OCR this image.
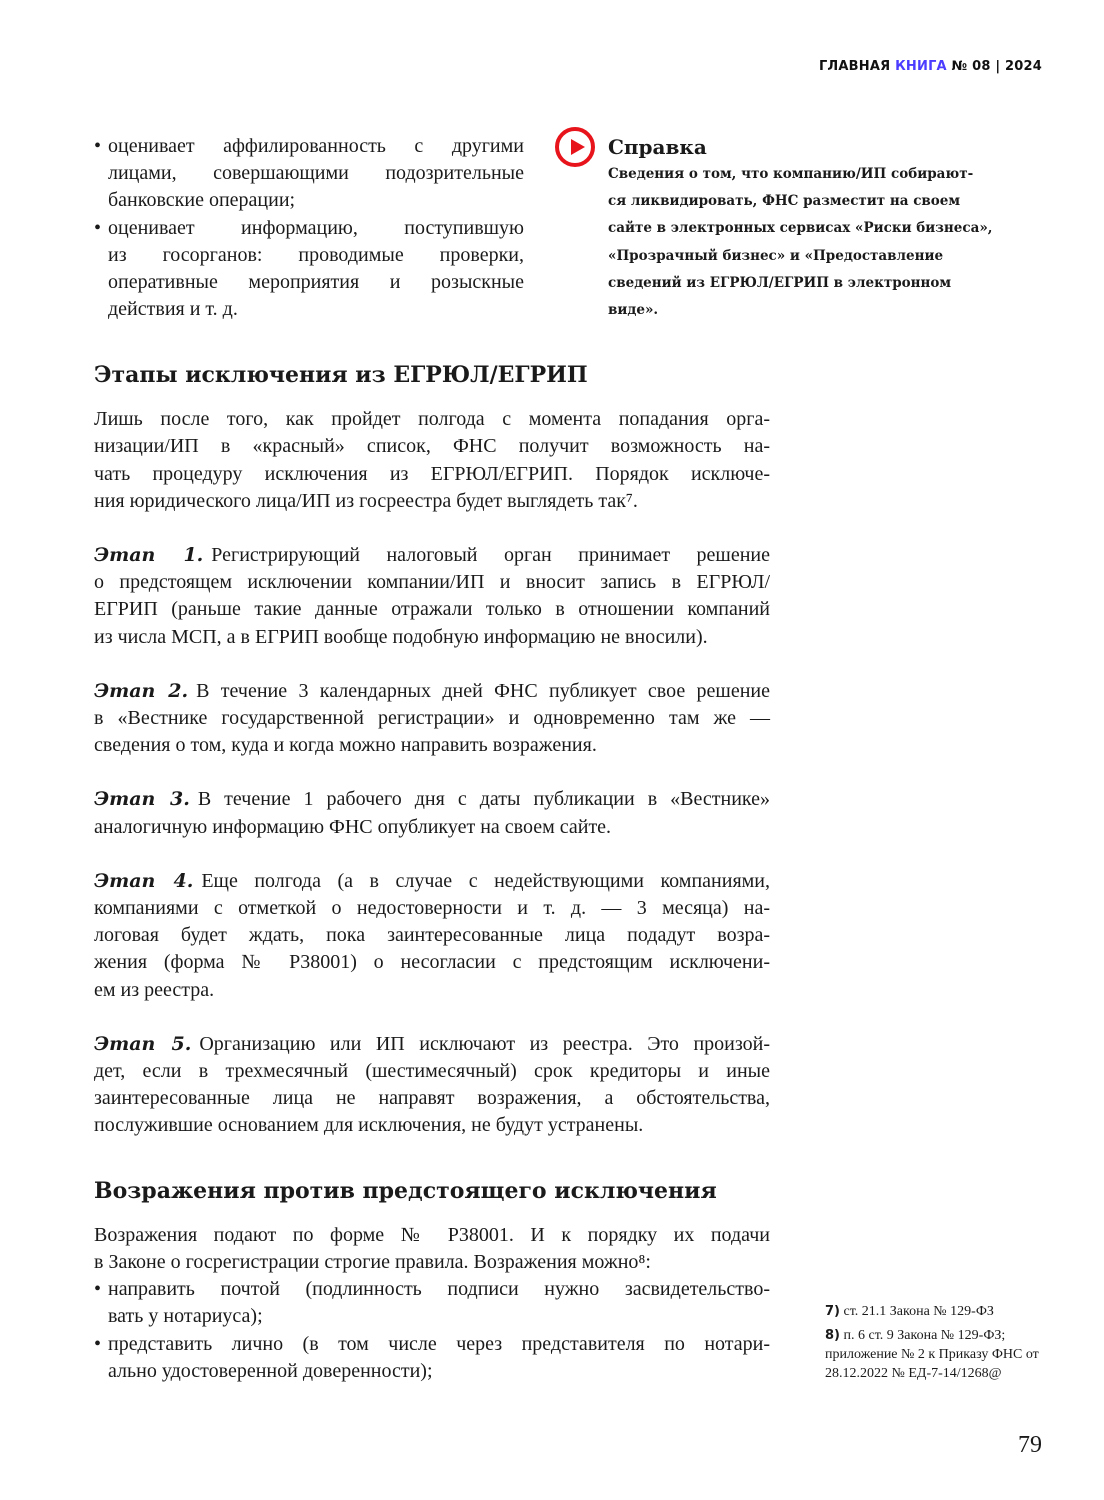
ГЛАВНАЯ КНИГА № 08 | 2024
• оценивает аффилированность с другими
лицами, совершающими подозрительные
банковские операции;
• оценивает информацию, поступившую
из госорганов: проводимые проверки,
оперативные мероприятия и розыскные
действия и т. д.
Справка
Сведения о том, что компанию/ИП собирают-
ся ликвидировать, ФНС разместит на своем
сайте в электронных сервисах «Риски бизнеса»,
«Прозрачный бизнес» и «Предоставление
сведений из ЕГРЮЛ/ЕГРИП в электронном
виде».
Этапы исключения из ЕГРЮЛ/ЕГРИП
Лишь после того, как пройдет полгода с момента попадания орга-
низации/ИП в «красный» список, ФНС получит возможность на-
чать процедуру исключения из ЕГРЮЛ/ЕГРИП. Порядок исключе-
ния юридического лица/ИП из госреестра будет выглядеть так⁷.
Этап 1. Регистрирующий налоговый орган принимает решение
о предстоящем исключении компании/ИП и вносит запись в ЕГРЮЛ/
ЕГРИП (раньше такие данные отражали только в отношении компаний
из числа МСП, а в ЕГРИП вообще подобную информацию не вносили).
Этап 2. В течение 3 календарных дней ФНС публикует свое решение
в «Вестнике государственной регистрации» и одновременно там же —
сведения о том, куда и когда можно направить возражения.
Этап 3. В течение 1 рабочего дня с даты публикации в «Вестнике»
аналогичную информацию ФНС опубликует на своем сайте.
Этап 4. Еще полгода (а в случае с недействующими компаниями,
компаниями с отметкой о недостоверности и т. д. — 3 месяца) на-
логовая будет ждать, пока заинтересованные лица подадут возра-
жения (форма № Р38001) о несогласии с предстоящим исключени-
ем из реестра.
Этап 5. Организацию или ИП исключают из реестра. Это произой-
дет, если в трехмесячный (шестимесячный) срок кредиторы и иные
заинтересованные лица не направят возражения, а обстоятельства,
послужившие основанием для исключения, не будут устранены.
Возражения против предстоящего исключения
Возражения подают по форме № Р38001. И к порядку их подачи
в Законе о госрегистрации строгие правила. Возражения можно⁸:
• направить почтой (подлинность подписи нужно засвидетельство-
вать у нотариуса);
• представить лично (в том числе через представителя по нотари-
ально удостоверенной доверенности);
7) ст. 21.1 Закона № 129-ФЗ
8) п. 6 ст. 9 Закона № 129-ФЗ; приложение № 2 к Приказу ФНС от 28.12.2022 № ЕД-7-14/1268@
79
